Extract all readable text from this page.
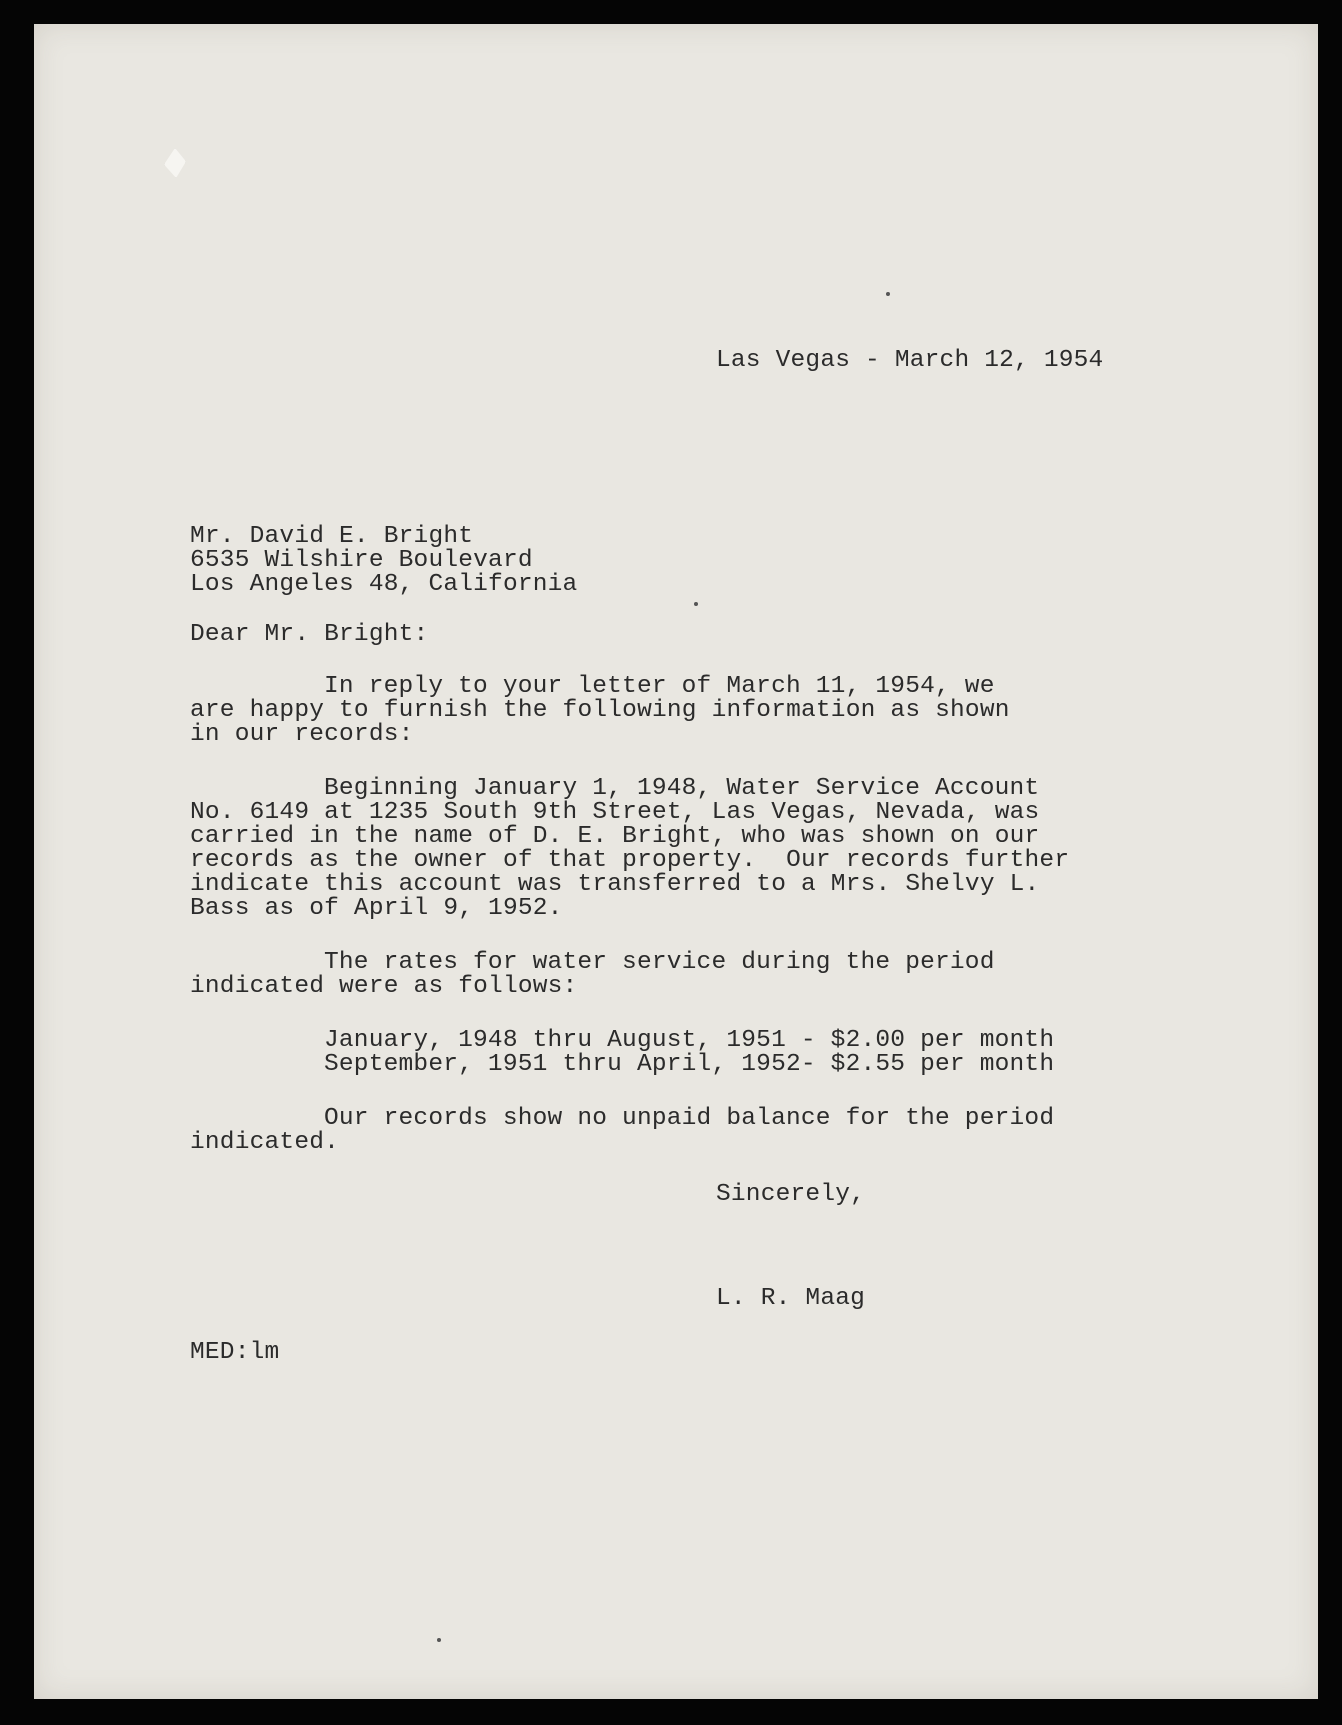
Las Vegas - March 12, 1954

Mr. David E. Bright

6535 Wilshire Boulevard

Los Angeles 48, California

Dear Mr. Bright:

In reply to your letter of March 11, 1954, we

are happy to furnish the following information as shown

in our records:

Beginning January 1, 1948, Water Service Account

No. 6149 at 1235 South 9th Street, Las Vegas, Nevada, was

carried in the name of D. E. Bright, who was shown on our

records as the owner of that property.  Our records further

indicate this account was transferred to a Mrs. Shelvy L.

Bass as of April 9, 1952.

The rates for water service during the period

indicated were as follows:

January, 1948 thru August, 1951 - $2.00 per month

September, 1951 thru April, 1952- $2.55 per month

Our records show no unpaid balance for the period

indicated.

Sincerely,

L. R. Maag

MED:lm
